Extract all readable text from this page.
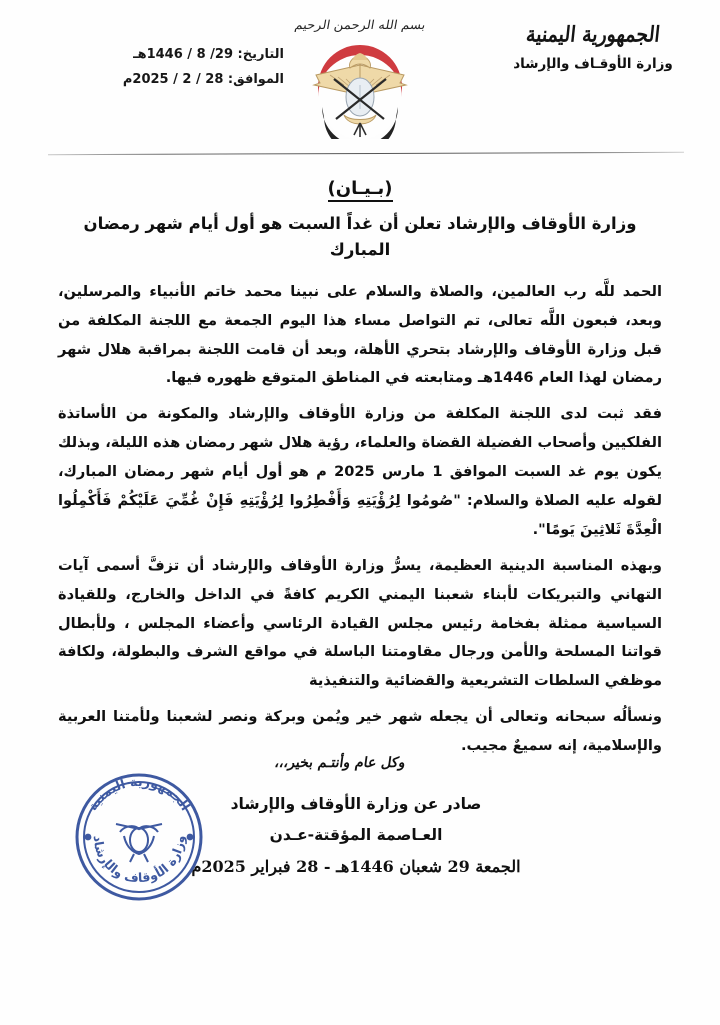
الجمهورية اليمنية
وزارة الأوقـاف والإرشاد
بسم الله الرحمن الرحيم
التاريخ: 29/ 8 / 1446هـ
الموافق: 28 / 2 / 2025م
(بـيـان)
وزارة الأوقاف والإرشاد تعلن أن غداً السبت هو أول أيام شهر رمضان المبارك

الحمد للَّه رب العالمين، والصلاة والسلام على نبينا محمد خاتم الأنبياء والمرسلين، وبعد، فبعون اللَّه تعالى، تم التواصل مساء هذا اليوم الجمعة مع اللجنة المكلفة من قبل وزارة الأوقاف والإرشاد بتحري الأهلة، وبعد أن قامت اللجنة بمراقبة هلال شهر رمضان لهذا العام 1446هـ ومتابعته في المناطق المتوقع ظهوره فيها.

فقد ثبت لدى اللجنة المكلفة من وزارة الأوقاف والإرشاد والمكونة من الأساتذة الفلكيين وأصحاب الفضيلة القضاة والعلماء، رؤية هلال شهر رمضان هذه الليلة، وبذلك يكون يوم غد السبت الموافق 1 مارس 2025 م هو أول أيام شهر رمضان المبارك، لقوله عليه الصلاة والسلام: "صُومُوا لِرُؤْيَتِهِ وَأَفْطِرُوا لِرُؤْيَتِهِ فَإِنْ غُمِّيَ عَلَيْكُمْ فَأَكْمِلُوا الْعِدَّةَ ثَلاثِينَ يَومًا".

وبهذه المناسبة الدينية العظيمة، يسرُّ وزارة الأوقاف والإرشاد أن تزفَّ أسمى آيات التهاني والتبريكات لأبناء شعبنا اليمني الكريم كافةً في الداخل والخارج، وللقيادة السياسية ممثلة بفخامة رئيس مجلس القيادة الرئاسي وأعضاء المجلس ، ولأبطال قواتنا المسلحة والأمن ورجال مقاومتنا الباسلة في مواقع الشرف والبطولة، ولكافة موظفي السلطات التشريعية والقضائية والتنفيذية

ونسألُه سبحانه وتعالى أن يجعله شهر خير ويُمن وبركة ونصر لشعبنا ولأمتنا العربية والإسلامية، إنه سميعٌ مجيب.

وكل عام وأنتـم بخير،،،
صادر عن وزارة الأوقاف والإرشاد
العـاصمة المؤقتة-عـدن
الجمعة 29 شعبان 1446هـ - 28 فبراير 2025م
الجمهورية اليمنية
وزارة الأوقاف والإرشاد
